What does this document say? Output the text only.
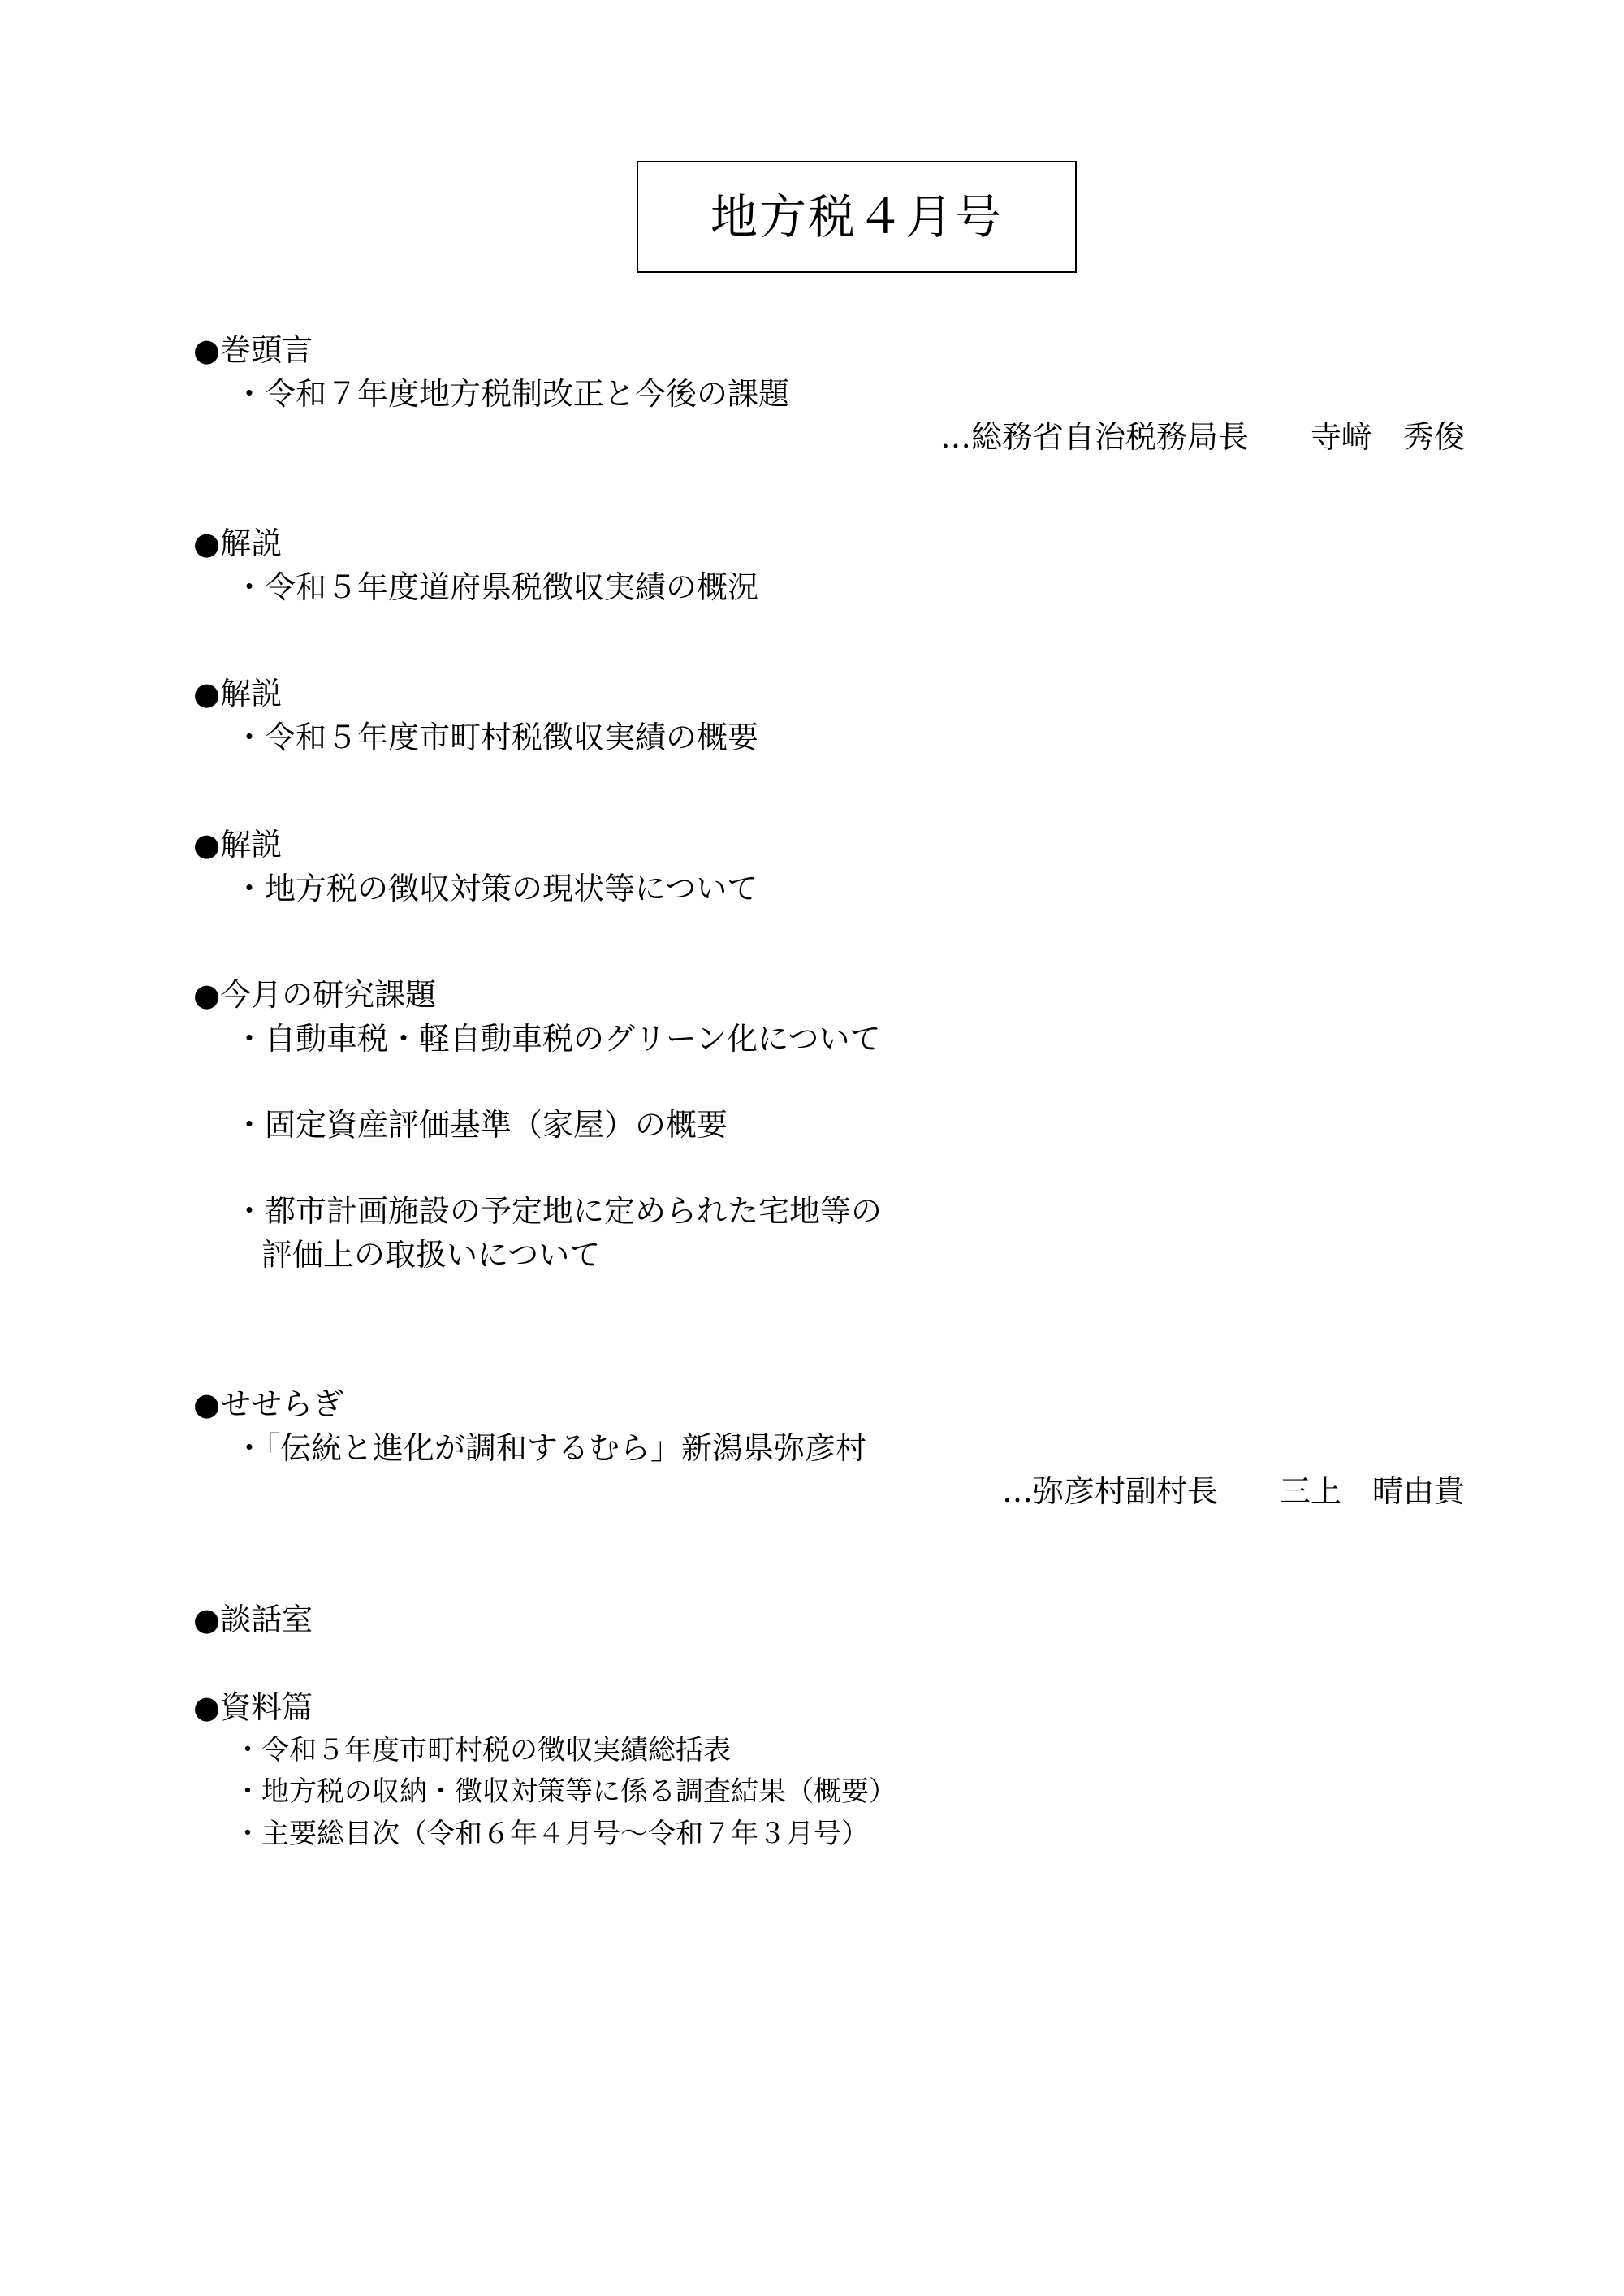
地方税４月号
●巻頭言
・令和７年度地方税制改正と今後の課題
…総務省自治税務局長　　寺﨑　秀俊
●解説
・令和５年度道府県税徴収実績の概況
●解説
・令和５年度市町村税徴収実績の概要
●解説
・地方税の徴収対策の現状等について
●今月の研究課題
・自動車税・軽自動車税のグリーン化について
・固定資産評価基準（家屋）の概要
・都市計画施設の予定地に定められた宅地等の
評価上の取扱いについて
●せせらぎ
・「伝統と進化が調和するむら」新潟県弥彦村
…弥彦村副村長　　三上　晴由貴
●談話室
●資料篇
・令和５年度市町村税の徴収実績総括表
・地方税の収納・徴収対策等に係る調査結果（概要）
・主要総目次（令和６年４月号～令和７年３月号）
